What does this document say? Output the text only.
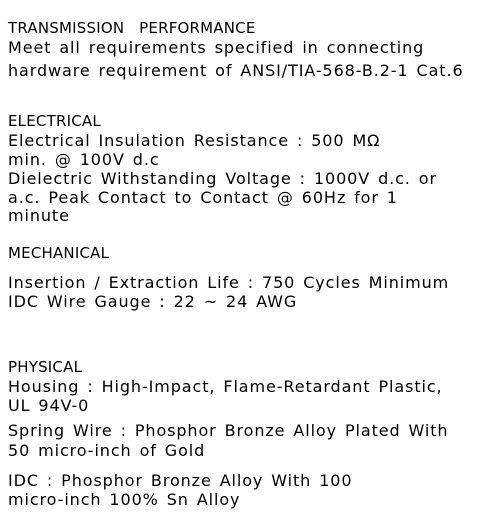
TRANSMISSION   PERFORMANCE
Meet all requirements specified in connecting
hardware requirement of ANSI/TIA-568-B.2-1 Cat.6
ELECTRICAL
Electrical Insulation Resistance : 500 MΩ
min. @ 100V d.c
Dielectric Withstanding Voltage : 1000V d.c. or
a.c. Peak Contact to Contact @ 60Hz for 1
minute
MECHANICAL
Insertion / Extraction Life : 750 Cycles Minimum
IDC Wire Gauge : 22 ~ 24 AWG
PHYSICAL
Housing : High-Impact, Flame-Retardant Plastic,
UL 94V-0
Spring Wire : Phosphor Bronze Alloy Plated With
50 micro-inch of Gold
IDC : Phosphor Bronze Alloy With 100
micro-inch 100% Sn Alloy
